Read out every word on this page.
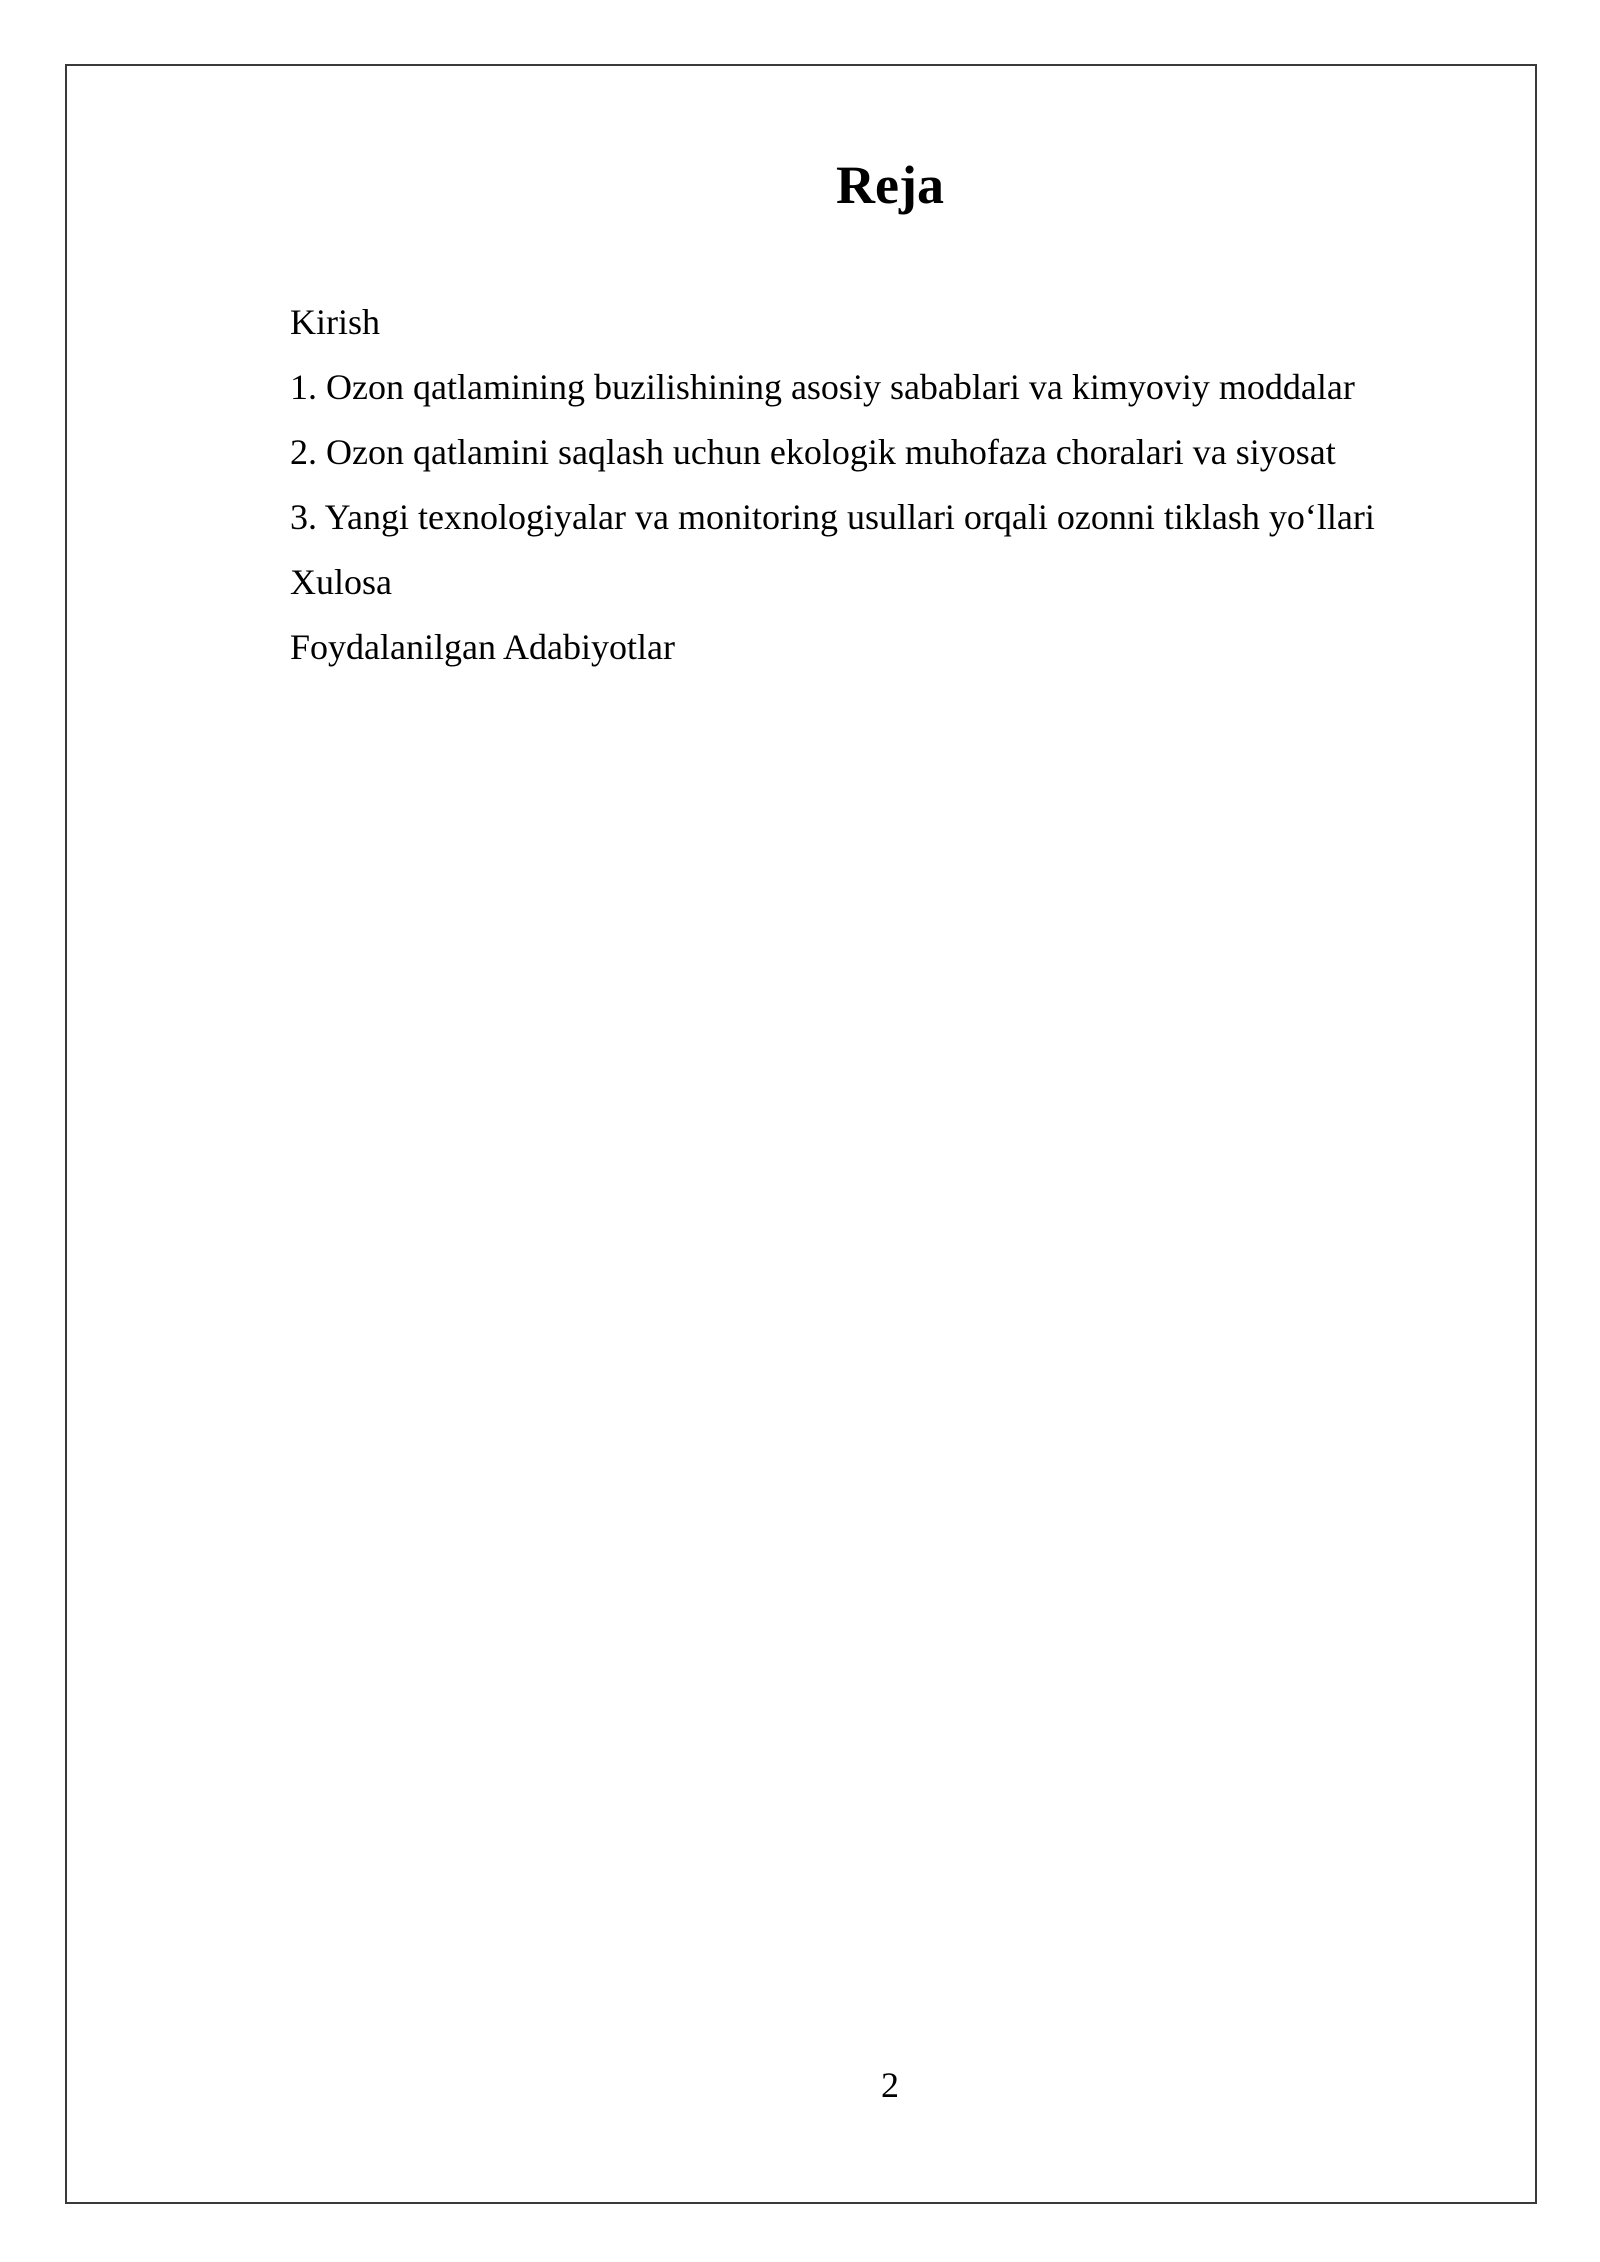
Reja
Kirish
1. Ozon qatlamining buzilishining asosiy sabablari va kimyoviy moddalar
2. Ozon qatlamini saqlash uchun ekologik muhofaza choralari va siyosat
3. Yangi texnologiyalar va monitoring usullari orqali ozonni tiklash yo‘llari
Xulosa
Foydalanilgan Adabiyotlar
2
